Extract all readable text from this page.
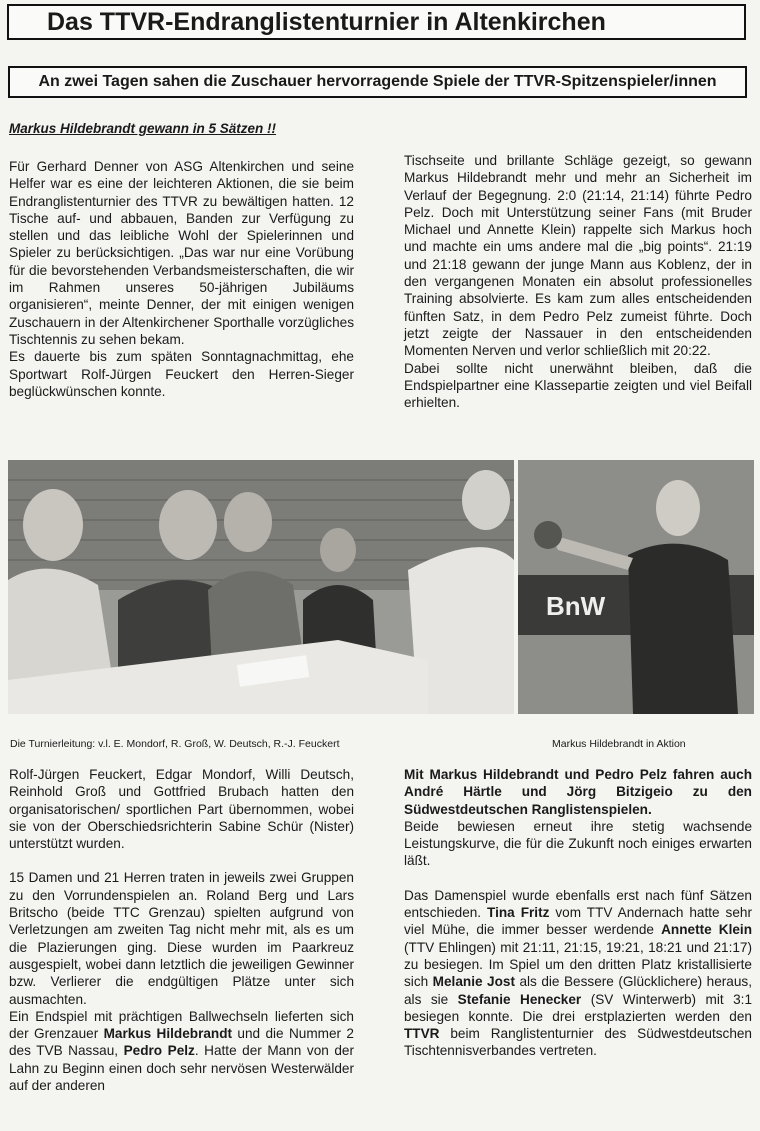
Das TTVR-Endranglistenturnier in Altenkirchen

An zwei Tagen sahen die Zuschauer hervorragende Spiele der TTVR-Spitzenspieler/innen

Markus Hildebrandt gewann in 5 Sätzen !!

Für Gerhard Denner von ASG Altenkirchen und seine Helfer war es eine der leichteren Aktionen, die sie beim Endranglistenturnier des TTVR zu bewältigen hatten. 12 Tische auf- und abbauen, Banden zur Verfügung zu stellen und das leibliche Wohl der Spielerinnen und Spieler zu berücksichtigen. „Das war nur eine Vorübung für die bevorstehenden Verbandsmeisterschaften, die wir im Rahmen unseres 50-jährigen Jubiläums organisieren“, meinte Denner, der mit einigen wenigen Zuschauern in der Altenkirchener Sporthalle vorzügliches Tischtennis zu sehen bekam.

Es dauerte bis zum späten Sonntagnachmittag, ehe Sportwart Rolf-Jürgen Feuckert den Herren-Sieger beglückwünschen konnte.

Tischseite und brillante Schläge gezeigt, so gewann Markus Hildebrandt mehr und mehr an Sicherheit im Verlauf der Begegnung. 2:0 (21:14, 21:14) führte Pedro Pelz. Doch mit Unterstützung seiner Fans (mit Bruder Michael und Annette Klein) rappelte sich Markus hoch und machte ein ums andere mal die „big points“. 21:19 und 21:18 gewann der junge Mann aus Koblenz, der in den vergangenen Monaten ein absolut professionelles Training absolvierte. Es kam zum alles entscheidenden fünften Satz, in dem Pedro Pelz zumeist führte. Doch jetzt zeigte der Nassauer in den entscheidenden Momenten Nerven und verlor schließlich mit 20:22.

Dabei sollte nicht unerwähnt bleiben, daß die Endspielpartner eine Klassepartie zeigten und viel Beifall erhielten.

BnW
Die Turnierleitung: v.l. E. Mondorf, R. Groß, W. Deutsch, R.-J. Feuckert	Markus Hildebrandt in Aktion

Rolf-Jürgen Feuckert, Edgar Mondorf, Willi Deutsch, Reinhold Groß und Gottfried Brubach hatten den organisatorischen/ sportlichen Part übernommen, wobei sie von der Oberschiedsrichterin Sabine Schür (Nister) unterstützt wurden.

15 Damen und 21 Herren traten in jeweils zwei Gruppen zu den Vorrundenspielen an. Roland Berg und Lars Britscho (beide TTC Grenzau) spielten aufgrund von Verletzungen am zweiten Tag nicht mehr mit, als es um die Plazierungen ging. Diese wurden im Paarkreuz ausgespielt, wobei dann letztlich die jeweiligen Gewinner bzw. Verlierer die endgültigen Plätze unter sich ausmachten.

Ein Endspiel mit prächtigen Ballwechseln lieferten sich der Grenzauer Markus Hildebrandt und die Nummer 2 des TVB Nassau, Pedro Pelz. Hatte der Mann von der Lahn zu Beginn einen doch sehr nervösen Westerwälder auf der anderen

Mit Markus Hildebrandt und Pedro Pelz fahren auch André Härtle und Jörg Bitzigeio zu den Südwestdeutschen Ranglistenspielen.

Beide bewiesen erneut ihre stetig wachsende Leistungskurve, die für die Zukunft noch einiges erwarten läßt.

Das Damenspiel wurde ebenfalls erst nach fünf Sätzen entschieden. Tina Fritz vom TTV Andernach hatte sehr viel Mühe, die immer besser werdende Annette Klein (TTV Ehlingen) mit 21:11, 21:15, 19:21, 18:21 und 21:17) zu besiegen. Im Spiel um den dritten Platz kristallisierte sich Melanie Jost als die Bessere (Glücklichere) heraus, als sie Stefanie Henecker (SV Winterwerb) mit 3:1 besiegen konnte. Die drei erstplazierten werden den TTVR beim Ranglistenturnier des Südwestdeutschen Tischtennisverbandes vertreten.
